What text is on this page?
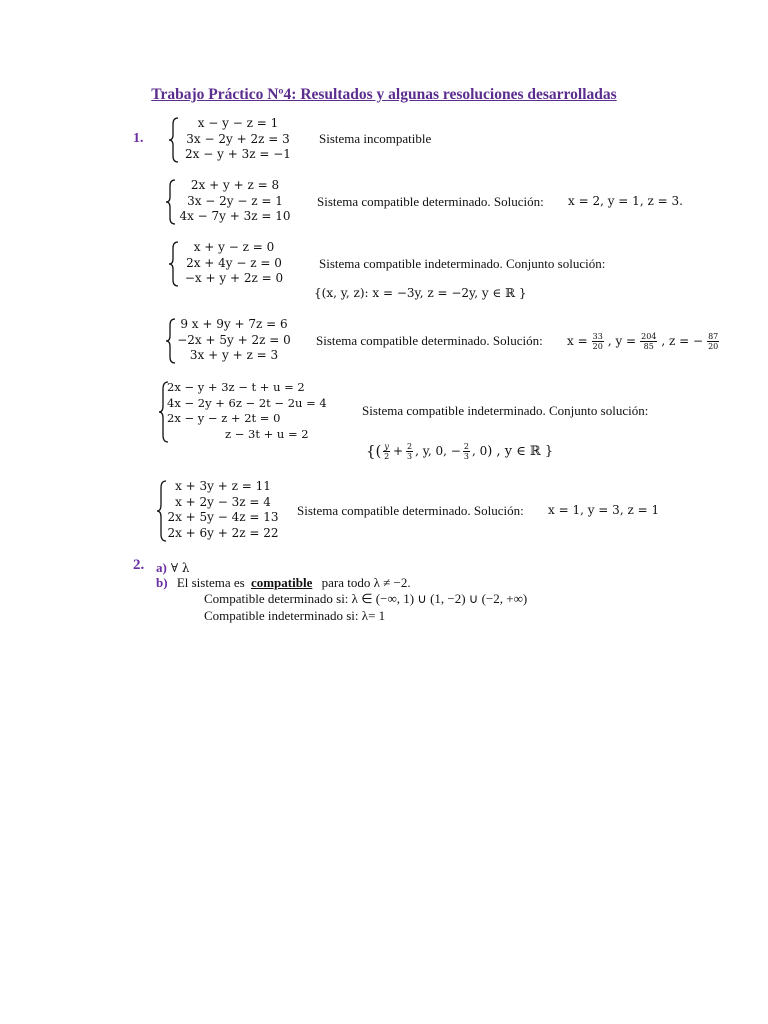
Trabajo Práctico Nº4: Resultados y algunas resoluciones desarrolladas
1.
x − y − z = 1
3x − 2y + 2z = 3
2x − y + 3z = −1
Sistema incompatible
2x + y + z = 8
3x − 2y − z = 1
4x − 7y + 3z = 10
Sistema compatible determinado. Solución: x = 2, y = 1, z = 3.
x + y − z = 0
2x + 4y − z = 0
−x + y + 2z = 0
Sistema compatible indeterminado. Conjunto solución:
{(x, y, z): x = −3y, z = −2y, y ∈ ℝ }
9 x + 9y + 7z = 6
−2x + 5y + 2z = 0
3x + y + z = 3
Sistema compatible determinado. Solución: $x = \frac{33}{20}$ , $y = \frac{204}{85}$ , z = − $\frac{87}{20}$
2x − y + 3z − t + u = 2
4x − 2y + 6z − 2t − 2u = 4
2x − y − z + 2t = 0
z − 3t + u = 2
Sistema compatible indeterminado. Conjunto solución:
{( $\frac{y}{2} + \frac{2}{3}$ , y, 0, − $\frac{2}{3}$ , 0 ) , y ∈ ℝ }
x + 3y + z = 11
x + 2y − 3z = 4
2x + 5y − 4z = 13
2x + 6y + 2z = 22
Sistema compatible determinado. Solución: x = 1, y = 3, z = 1
2. a) ∀ λ
b) El sistema es compatible para todo λ ≠ −2.
Compatible determinado si: λ ∈ (−∞, 1) ∪ (1, −2) ∪ (−2, +∞)
Compatible indeterminado si: λ= 1
